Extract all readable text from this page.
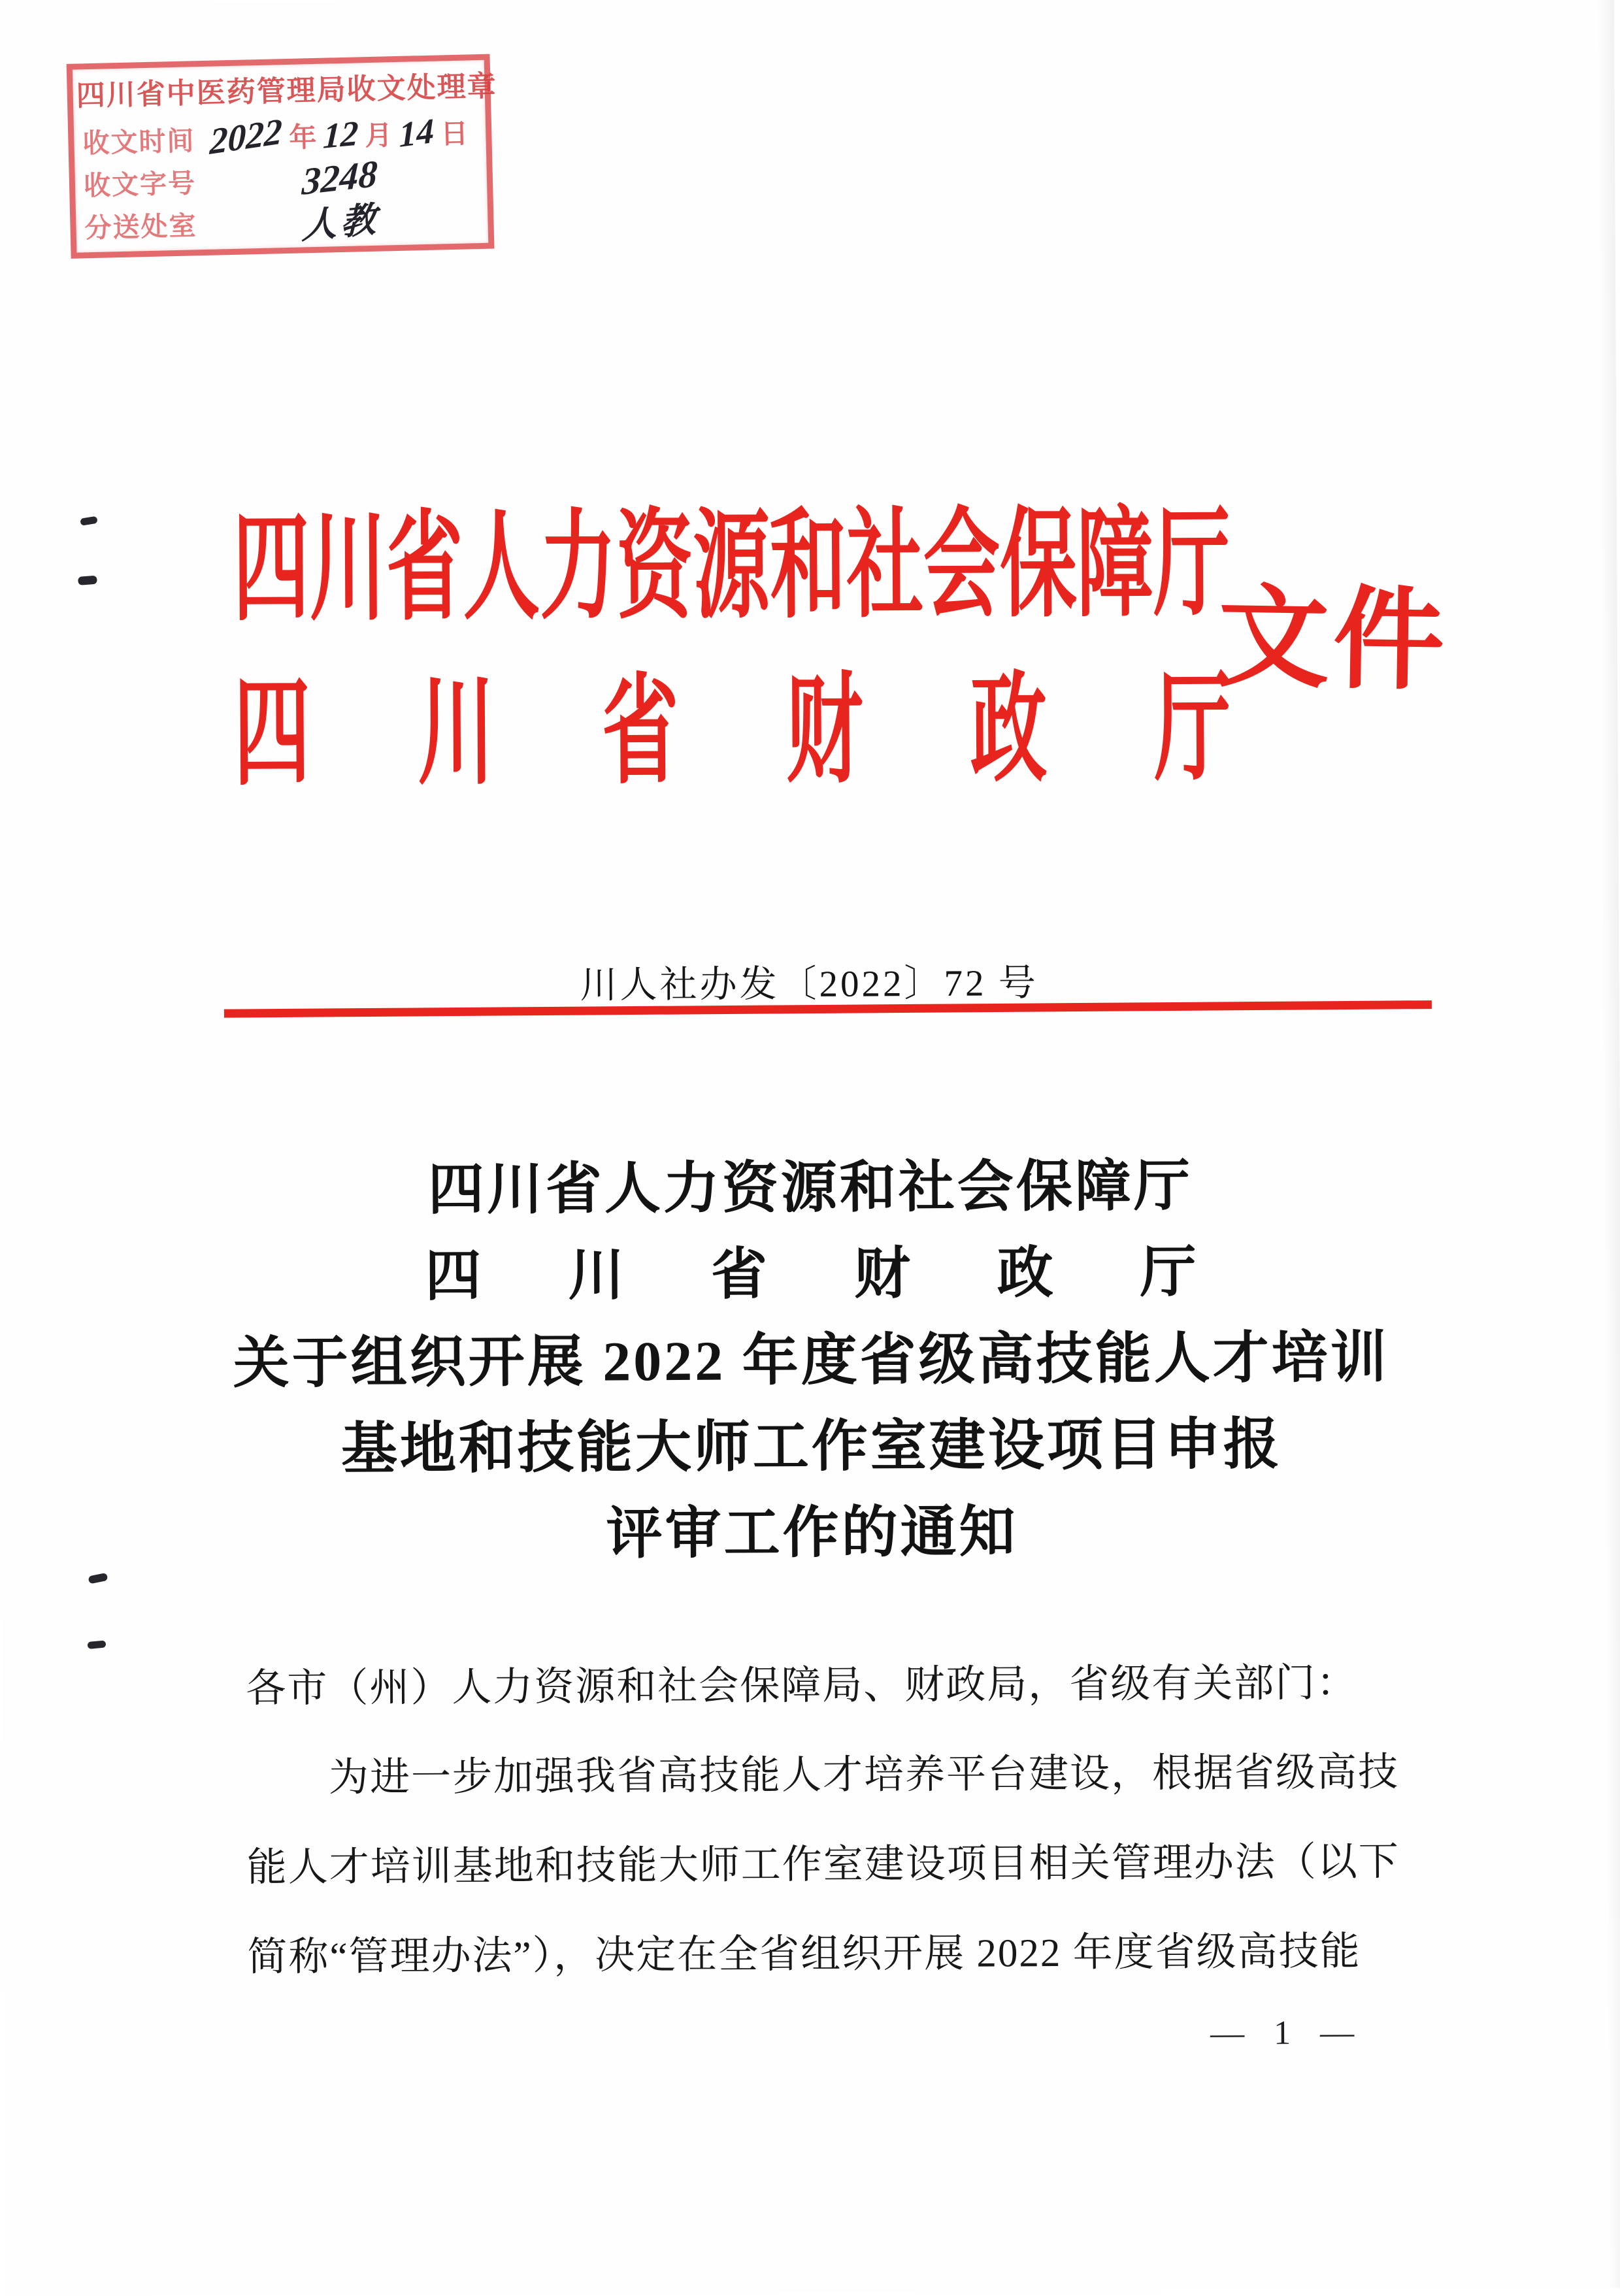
四川省中医药管理局收文处理章
收文时间 2022 年 12 月 14 日
收文字号	3248
分送处室	人教
四川省人力资源和社会保障厅
四川省财政厅
文件
川人社办发〔2022〕72 号
四川省人力资源和社会保障厅
四川省财政厅
关于组织开展 2022 年度省级高技能人才培训
基地和技能大师工作室建设项目申报
评审工作的通知
各市（州）人力资源和社会保障局、财政局，省级有关部门：
为进一步加强我省高技能人才培养平台建设，根据省级高技
能人才培训基地和技能大师工作室建设项目相关管理办法（以下
简称“管理办法”），决定在全省组织开展 2022 年度省级高技能
— 1 —
